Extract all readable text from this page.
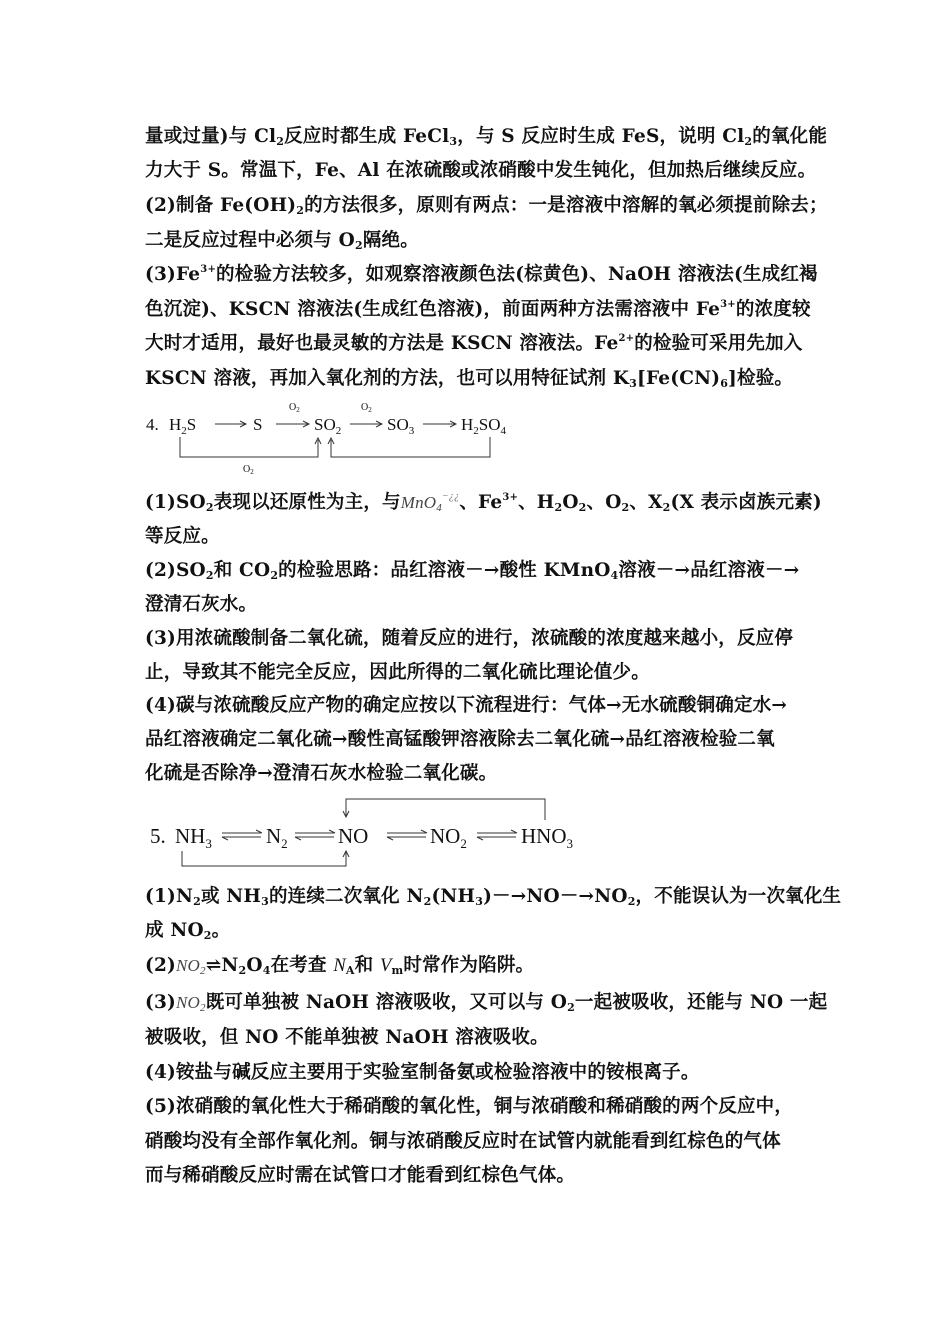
量或过量)与 $Cl_2$反应时都生成 FeCl$_3$，与 S 反应时生成 FeS，说明 $Cl_2$的氧化能
力大于 S。常温下，Fe、Al 在浓硫酸或浓硝酸中发生钝化，但加热后继续反应。
(2)制备 $Fe(OH)_2$的方法很多，原则有两点：一是溶液中溶解的氧必须提前除去；
二是反应过程中必须与 $O_2$隔绝。
$(3)Fe^{3+}$的检验方法较多，如观察溶液颜色法(棕黄色)、NaOH 溶液法(生成红褐
色沉淀)、KSCN 溶液法(生成红色溶液)，前面两种方法需溶液中 $Fe^{3+}$的浓度较
大时才适用，最好也最灵敏的方法是 KSCN 溶液法。$Fe^{2+}$的检验可采用先加入
KSCN 溶液，再加入氧化剂的方法，也可以用特征试剂 $K_3[Fe(CN)_6]$检验。
4. $H_2S$	S	$SO_2$	$SO_3$	$H_2SO_4$
$O_2$	$O_2$
$O_2$
$(1)SO_2$表现以还原性为主，与MnO4−¿¿、$Fe^{3+}$、$H_2O_2$、$O_2$、$X_2(X$ 表示卤族元素)
等反应。
$(2)SO_2$和 $CO_2$的检验思路：品红溶液－→酸性 KMnO$_4$溶液－→品红溶液－→
澄清石灰水。
(3)用浓硫酸制备二氧化硫，随着反应的进行，浓硫酸的浓度越来越小，反应停
止，导致其不能完全反应，因此所得的二氧化硫比理论值少。
(4)碳与浓硫酸反应产物的确定应按以下流程进行：气体→无水硫酸铜确定水→
品红溶液确定二氧化硫→酸性高锰酸钾溶液除去二氧化硫→品红溶液检验二氧
化硫是否除净→澄清石灰水检验二氧化碳。
5. $NH_3$	$N_2$ NO	$NO_2$	$HNO_3$
$(1)N_2$或 $NH_3$的连续二次氧化 $N_2(NH_3)-\to NO-\to NO_2$，不能误认为一次氧化生
成 $NO_2$。
$(2)NO2\rightleftharpoons N_2O_4$在考查 $N_A$和 $V_m$时常作为陷阱。
(3)NO2既可单独被 NaOH 溶液吸收，又可以与 $O_2$一起被吸收，还能与 NO 一起
被吸收，但 NO 不能单独被 NaOH 溶液吸收。
(4)铵盐与碱反应主要用于实验室制备氨或检验溶液中的铵根离子。
(5)浓硝酸的氧化性大于稀硝酸的氧化性，铜与浓硝酸和稀硝酸的两个反应中，
硝酸均没有全部作氧化剂。铜与浓硝酸反应时在试管内就能看到红棕色的气体
而与稀硝酸反应时需在试管口才能看到红棕色气体。
